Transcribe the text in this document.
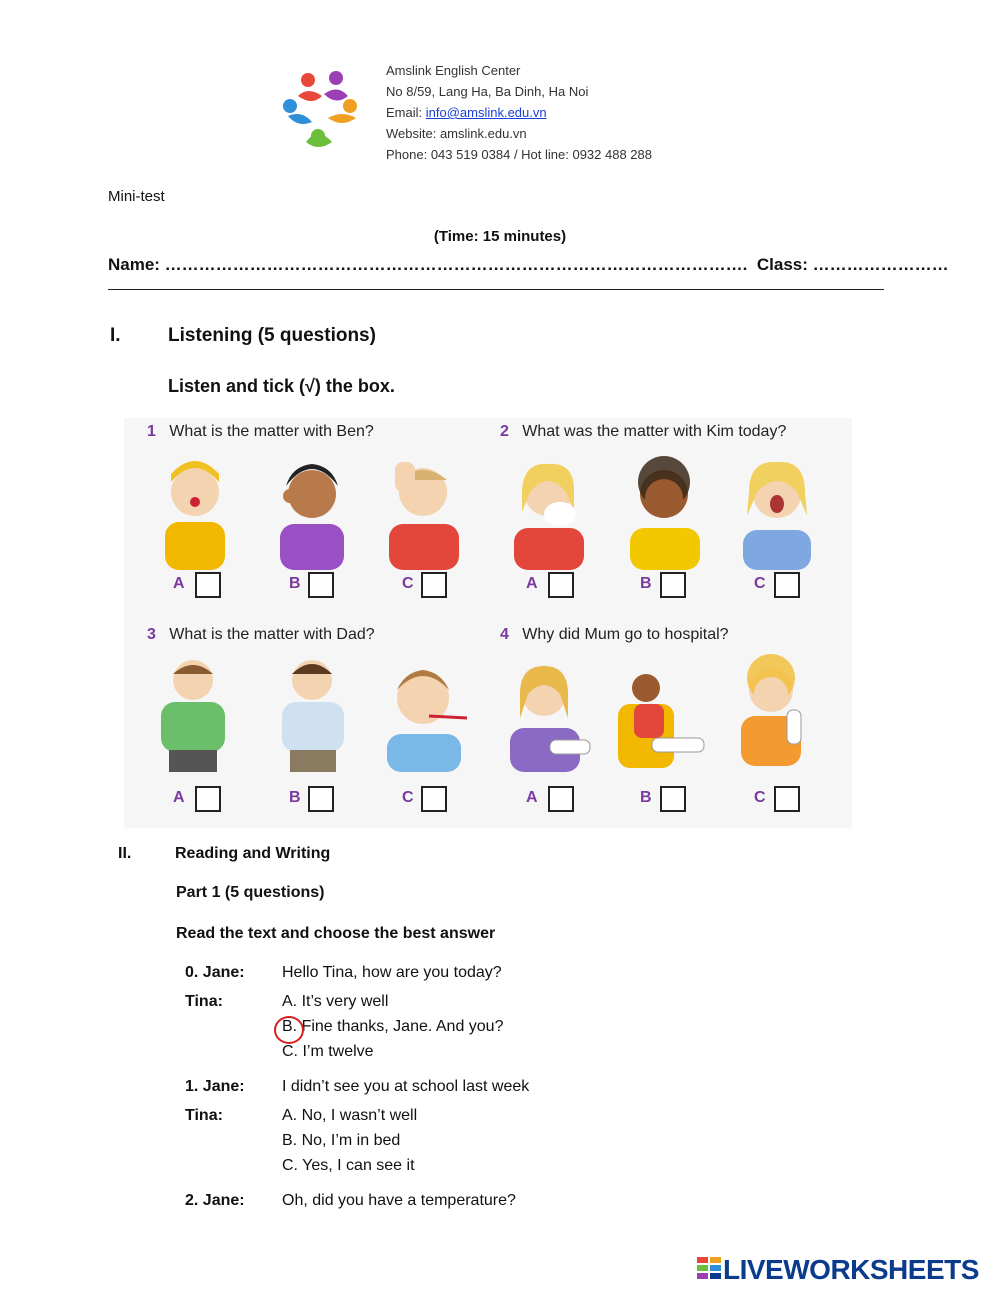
Amslink English Center
No 8/59, Lang Ha, Ba Dinh, Ha Noi
Email: info@amslink.edu.vn
Website: amslink.edu.vn
Phone: 043 519 0384 / Hot line: 0932 488 288
Mini-test
(Time: 15 minutes)
Name: …………………………………………………………………………………………. Class: ……………………
I. Listening (5 questions)
Listen and tick (√) the box.
1 What is the matter with Ben?	2 What was the matter with Kim today?
3 What is the matter with Dad?	4 Why did Mum go to hospital?
A	B	C	A	B	C
A	B	C	A	B	C
II.	Reading and Writing
Part 1 (5 questions)
Read the text and choose the best answer
0. Jane: Hello Tina, how are you today?
Tina:	A. It’s very well
B. Fine thanks, Jane. And you?
C. I’m twelve
1. Jane: I didn’t see you at school last week
Tina:	A. No, I wasn’t well
B. No, I’m in bed
C. Yes, I can see it
2. Jane: Oh, did you have a temperature?
LIVEWORKSHEETS
